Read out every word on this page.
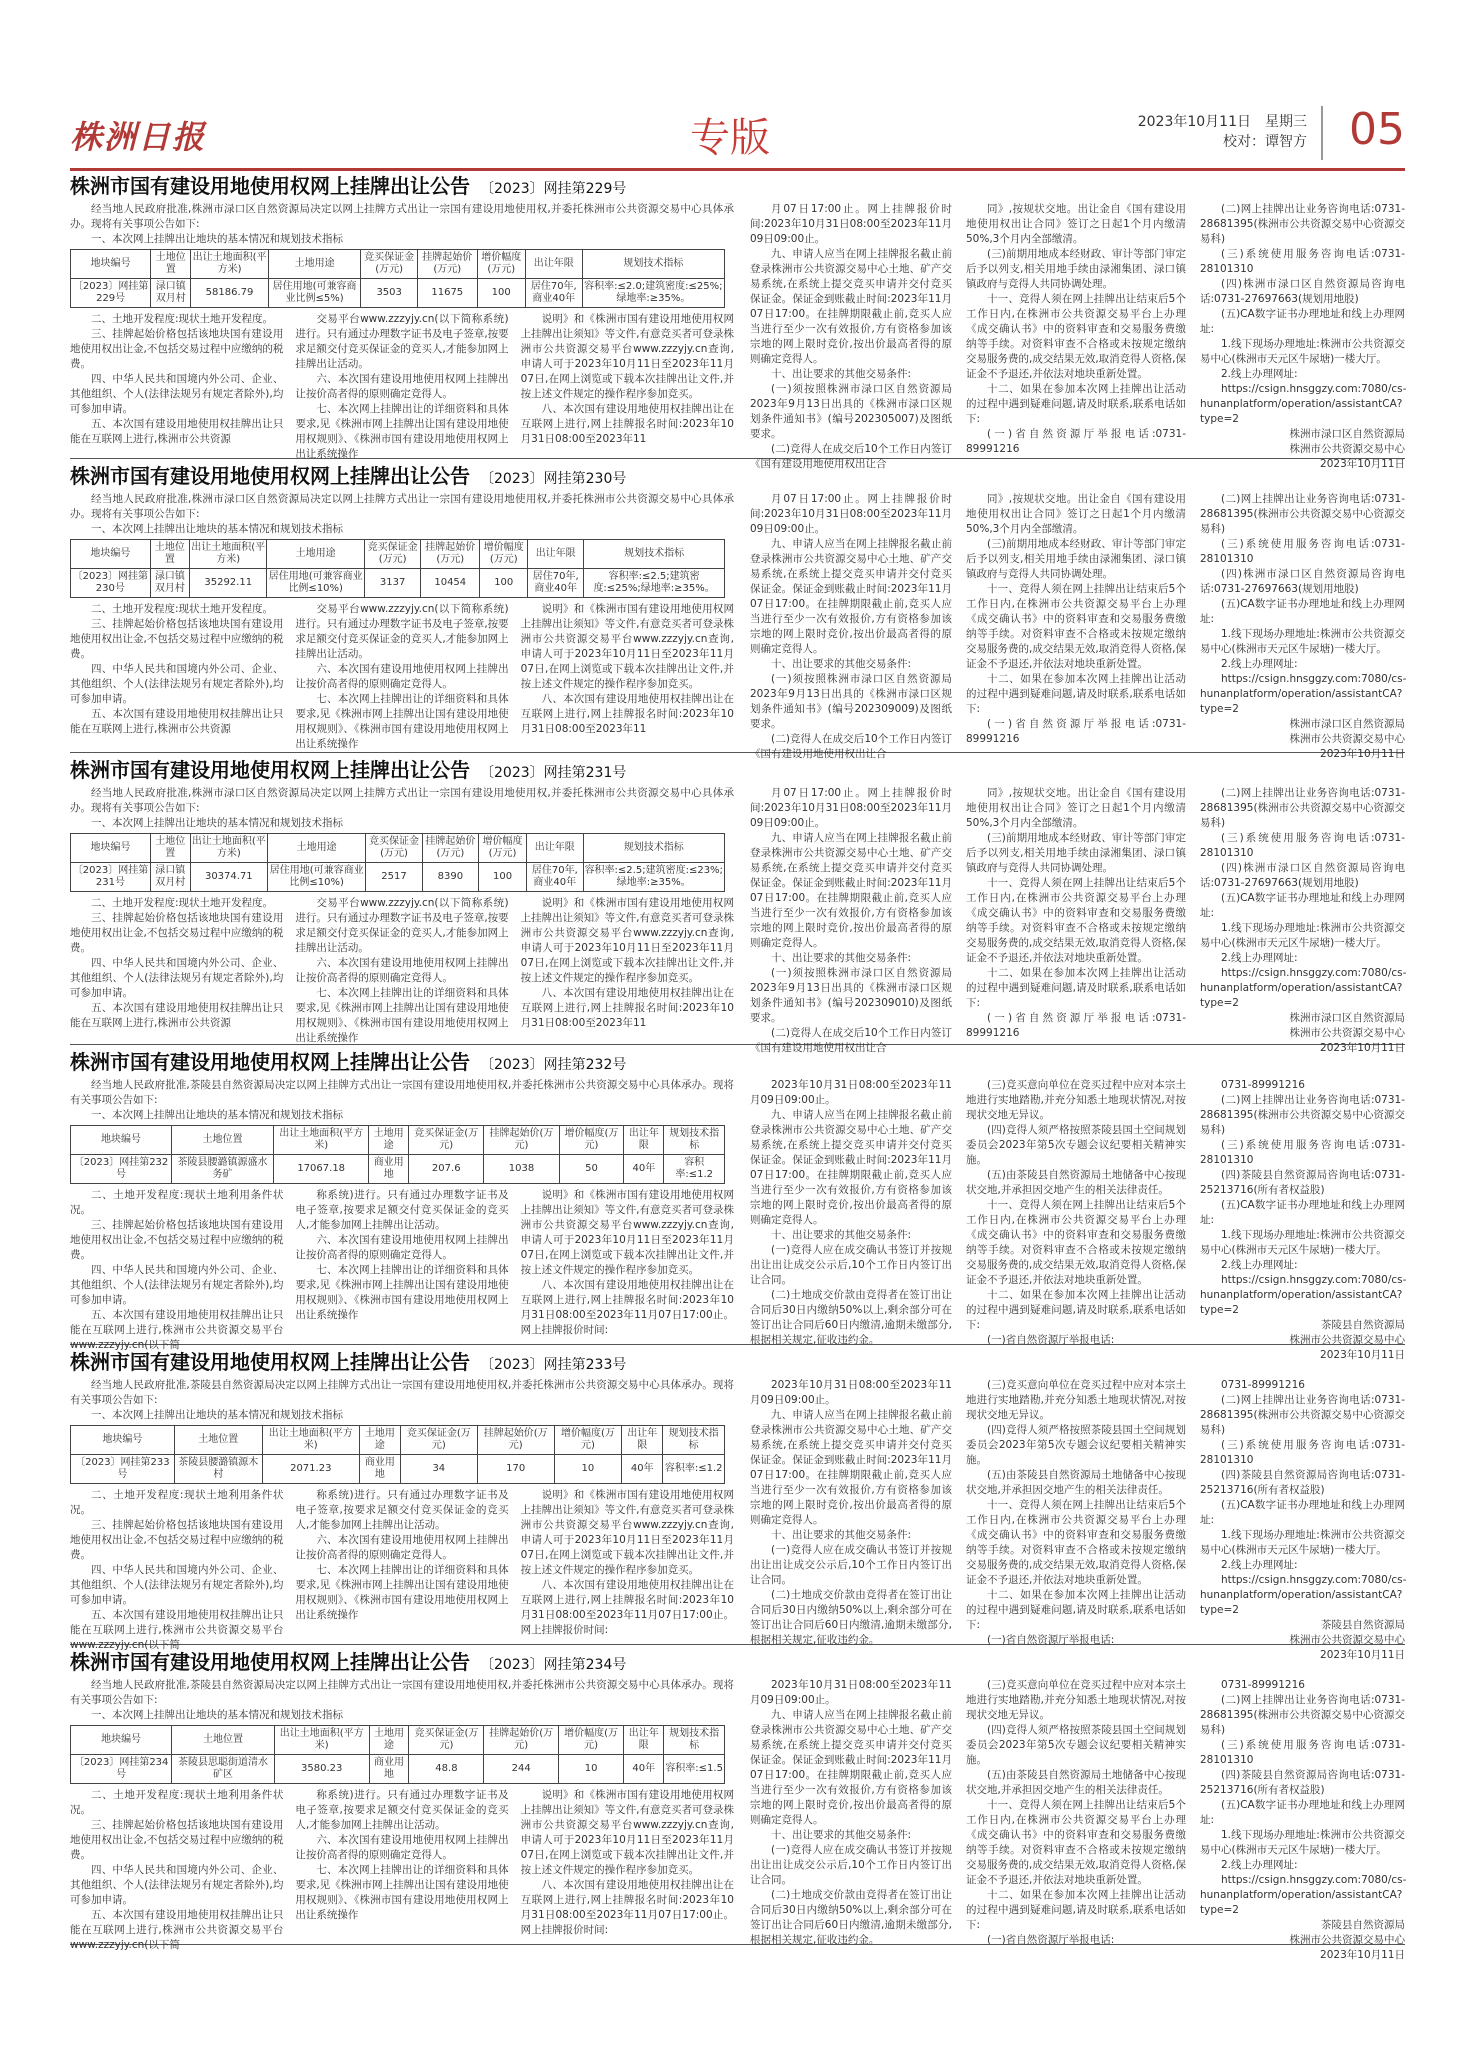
株洲日报	专版	2023年10月11日　星期三
校对：谭智方 05
株洲市国有建设用地使用权网上挂牌出让公告 〔2023〕网挂第229号

经当地人民政府批准,株洲市渌口区自然资源局决定以网上挂牌方式出让一宗国有建设用地使用权,并委托株洲市公共资源交易中心具体承办。现将有关事项公告如下:

一、本次网上挂牌出让地块的基本情况和规划技术指标

地块编号	土地位置	出让土地面积(平方米)	土地用途	竞买保证金(万元)	挂牌起始价(万元)	增价幅度(万元)	出让年限	规划技术指标
〔2023〕网挂第229号	渌口镇双月村	58186.79	居住用地(可兼容商业比例≤5%)	3503	11675	100	居住70年,商业40年	容积率:≤2.0;建筑密度:≤25%;绿地率:≥35%。

二、土地开发程度:现状土地开发程度。

三、挂牌起始价格包括该地块国有建设用地使用权出让金,不包括交易过程中应缴纳的税费。

四、中华人民共和国境内外公司、企业、其他组织、个人(法律法规另有规定者除外),均可参加申请。

五、本次国有建设用地使用权挂牌出让只能在互联网上进行,株洲市公共资源

交易平台www.zzzyjy.cn(以下简称系统)进行。只有通过办理数字证书及电子签章,按要求足额交付竞买保证金的竞买人,才能参加网上挂牌出让活动。

六、本次国有建设用地使用权网上挂牌出让按价高者得的原则确定竞得人。

七、本次网上挂牌出让的详细资料和具体要求,见《株洲市网上挂牌出让国有建设用地使用权规则》、《株洲市国有建设用地使用权网上出让系统操作

说明》和《株洲市国有建设用地使用权网上挂牌出让须知》等文件,有意竞买者可登录株洲市公共资源交易平台www.zzzyjy.cn查询,申请人可于2023年10月11日至2023年11月07日,在网上浏览或下载本次挂牌出让文件,并按上述文件规定的操作程序参加竞买。

八、本次国有建设用地使用权挂牌出让在互联网上进行,网上挂牌报名时间:2023年10月31日08:00至2023年11

月07日17:00止。网上挂牌报价时间:2023年10月31日08:00至2023年11月09日09:00止。

九、申请人应当在网上挂牌报名截止前登录株洲市公共资源交易中心土地、矿产交易系统,在系统上提交竞买申请并交付竞买保证金。保证金到账截止时间:2023年11月07日17:00。在挂牌期限截止前,竞买人应当进行至少一次有效报价,方有资格参加该宗地的网上限时竞价,按出价最高者得的原则确定竞得人。

十、出让要求的其他交易条件:

(一)须按照株洲市渌口区自然资源局2023年9月13日出具的《株洲市渌口区规划条件通知书》(编号202305007)及图纸要求。

(二)竞得人在成交后10个工作日内签订《国有建设用地使用权出让合

同》,按规状交地。出让金自《国有建设用地使用权出让合同》签订之日起1个月内缴清50%,3个月内全部缴清。

(三)前期用地成本经财政、审计等部门审定后予以列支,相关用地手续由渌湘集团、渌口镇镇政府与竞得人共同协调处理。

十一、竞得人须在网上挂牌出让结束后5个工作日内,在株洲市公共资源交易平台上办理《成交确认书》中的资料审查和交易服务费缴纳等手续。对资料审查不合格或未按规定缴纳交易服务费的,成交结果无效,取消竞得人资格,保证金不予退还,并依法对地块重新处置。

十二、如果在参加本次网上挂牌出让活动的过程中遇到疑难问题,请及时联系,联系电话如下:

(一)省自然资源厅举报电话:0731-89991216

(二)网上挂牌出让业务咨询电话:0731-28681395(株洲市公共资源交易中心资源交易科)

(三)系统使用服务咨询电话:0731-28101310

(四)株洲市渌口区自然资源局咨询电话:0731-27697663(规划用地股)

(五)CA数字证书办理地址和线上办理网址:

1.线下现场办理地址:株洲市公共资源交易中心(株洲市天元区牛尿塘)一楼大厅。

2.线上办理网址:

https://csign.hnsggzy.com:7080/cs-hunanplatform/operation/assistantCA?type=2

株洲市渌口区自然资源局

株洲市公共资源交易中心

2023年10月11日

株洲市国有建设用地使用权网上挂牌出让公告 〔2023〕网挂第230号

经当地人民政府批准,株洲市渌口区自然资源局决定以网上挂牌方式出让一宗国有建设用地使用权,并委托株洲市公共资源交易中心具体承办。现将有关事项公告如下:

一、本次网上挂牌出让地块的基本情况和规划技术指标

地块编号	土地位置	出让土地面积(平方米)	土地用途	竞买保证金(万元)	挂牌起始价(万元)	增价幅度(万元)	出让年限	规划技术指标
〔2023〕网挂第230号	渌口镇双月村	35292.11	居住用地(可兼容商业比例≤10%)	3137	10454	100	居住70年,商业40年	容积率:≤2.5;建筑密度:≤25%;绿地率:≥35%。

二、土地开发程度:现状土地开发程度。

三、挂牌起始价格包括该地块国有建设用地使用权出让金,不包括交易过程中应缴纳的税费。

四、中华人民共和国境内外公司、企业、其他组织、个人(法律法规另有规定者除外),均可参加申请。

五、本次国有建设用地使用权挂牌出让只能在互联网上进行,株洲市公共资源

交易平台www.zzzyjy.cn(以下简称系统)进行。只有通过办理数字证书及电子签章,按要求足额交付竞买保证金的竞买人,才能参加网上挂牌出让活动。

六、本次国有建设用地使用权网上挂牌出让按价高者得的原则确定竞得人。

七、本次网上挂牌出让的详细资料和具体要求,见《株洲市网上挂牌出让国有建设用地使用权规则》、《株洲市国有建设用地使用权网上出让系统操作

说明》和《株洲市国有建设用地使用权网上挂牌出让须知》等文件,有意竞买者可登录株洲市公共资源交易平台www.zzzyjy.cn查询,申请人可于2023年10月11日至2023年11月07日,在网上浏览或下载本次挂牌出让文件,并按上述文件规定的操作程序参加竞买。

八、本次国有建设用地使用权挂牌出让在互联网上进行,网上挂牌报名时间:2023年10月31日08:00至2023年11

月07日17:00止。网上挂牌报价时间:2023年10月31日08:00至2023年11月09日09:00止。

九、申请人应当在网上挂牌报名截止前登录株洲市公共资源交易中心土地、矿产交易系统,在系统上提交竞买申请并交付竞买保证金。保证金到账截止时间:2023年11月07日17:00。在挂牌期限截止前,竞买人应当进行至少一次有效报价,方有资格参加该宗地的网上限时竞价,按出价最高者得的原则确定竞得人。

十、出让要求的其他交易条件:

(一)须按照株洲市渌口区自然资源局2023年9月13日出具的《株洲市渌口区规划条件通知书》(编号202309009)及图纸要求。

(二)竞得人在成交后10个工作日内签订《国有建设用地使用权出让合

同》,按规状交地。出让金自《国有建设用地使用权出让合同》签订之日起1个月内缴清50%,3个月内全部缴清。

(三)前期用地成本经财政、审计等部门审定后予以列支,相关用地手续由渌湘集团、渌口镇镇政府与竞得人共同协调处理。

十一、竞得人须在网上挂牌出让结束后5个工作日内,在株洲市公共资源交易平台上办理《成交确认书》中的资料审查和交易服务费缴纳等手续。对资料审查不合格或未按规定缴纳交易服务费的,成交结果无效,取消竞得人资格,保证金不予退还,并依法对地块重新处置。

十二、如果在参加本次网上挂牌出让活动的过程中遇到疑难问题,请及时联系,联系电话如下:

(一)省自然资源厅举报电话:0731-89991216

(二)网上挂牌出让业务咨询电话:0731-28681395(株洲市公共资源交易中心资源交易科)

(三)系统使用服务咨询电话:0731-28101310

(四)株洲市渌口区自然资源局咨询电话:0731-27697663(规划用地股)

(五)CA数字证书办理地址和线上办理网址:

1.线下现场办理地址:株洲市公共资源交易中心(株洲市天元区牛尿塘)一楼大厅。

2.线上办理网址:

https://csign.hnsggzy.com:7080/cs-hunanplatform/operation/assistantCA?type=2

株洲市渌口区自然资源局

株洲市公共资源交易中心

2023年10月11日

株洲市国有建设用地使用权网上挂牌出让公告 〔2023〕网挂第231号

经当地人民政府批准,株洲市渌口区自然资源局决定以网上挂牌方式出让一宗国有建设用地使用权,并委托株洲市公共资源交易中心具体承办。现将有关事项公告如下:

一、本次网上挂牌出让地块的基本情况和规划技术指标

地块编号	土地位置	出让土地面积(平方米)	土地用途	竞买保证金(万元)	挂牌起始价(万元)	增价幅度(万元)	出让年限	规划技术指标
〔2023〕网挂第231号	渌口镇双月村	30374.71	居住用地(可兼容商业比例≤10%)	2517	8390	100	居住70年,商业40年	容积率:≤2.5;建筑密度:≤23%;绿地率:≥35%。

二、土地开发程度:现状土地开发程度。

三、挂牌起始价格包括该地块国有建设用地使用权出让金,不包括交易过程中应缴纳的税费。

四、中华人民共和国境内外公司、企业、其他组织、个人(法律法规另有规定者除外),均可参加申请。

五、本次国有建设用地使用权挂牌出让只能在互联网上进行,株洲市公共资源

交易平台www.zzzyjy.cn(以下简称系统)进行。只有通过办理数字证书及电子签章,按要求足额交付竞买保证金的竞买人,才能参加网上挂牌出让活动。

六、本次国有建设用地使用权网上挂牌出让按价高者得的原则确定竞得人。

七、本次网上挂牌出让的详细资料和具体要求,见《株洲市网上挂牌出让国有建设用地使用权规则》、《株洲市国有建设用地使用权网上出让系统操作

说明》和《株洲市国有建设用地使用权网上挂牌出让须知》等文件,有意竞买者可登录株洲市公共资源交易平台www.zzzyjy.cn查询,申请人可于2023年10月11日至2023年11月07日,在网上浏览或下载本次挂牌出让文件,并按上述文件规定的操作程序参加竞买。

八、本次国有建设用地使用权挂牌出让在互联网上进行,网上挂牌报名时间:2023年10月31日08:00至2023年11

月07日17:00止。网上挂牌报价时间:2023年10月31日08:00至2023年11月09日09:00止。

九、申请人应当在网上挂牌报名截止前登录株洲市公共资源交易中心土地、矿产交易系统,在系统上提交竞买申请并交付竞买保证金。保证金到账截止时间:2023年11月07日17:00。在挂牌期限截止前,竞买人应当进行至少一次有效报价,方有资格参加该宗地的网上限时竞价,按出价最高者得的原则确定竞得人。

十、出让要求的其他交易条件:

(一)须按照株洲市渌口区自然资源局2023年9月13日出具的《株洲市渌口区规划条件通知书》(编号202309010)及图纸要求。

(二)竞得人在成交后10个工作日内签订《国有建设用地使用权出让合

同》,按规状交地。出让金自《国有建设用地使用权出让合同》签订之日起1个月内缴清50%,3个月内全部缴清。

(三)前期用地成本经财政、审计等部门审定后予以列支,相关用地手续由渌湘集团、渌口镇镇政府与竞得人共同协调处理。

十一、竞得人须在网上挂牌出让结束后5个工作日内,在株洲市公共资源交易平台上办理《成交确认书》中的资料审查和交易服务费缴纳等手续。对资料审查不合格或未按规定缴纳交易服务费的,成交结果无效,取消竞得人资格,保证金不予退还,并依法对地块重新处置。

十二、如果在参加本次网上挂牌出让活动的过程中遇到疑难问题,请及时联系,联系电话如下:

(一)省自然资源厅举报电话:0731-89991216

(二)网上挂牌出让业务咨询电话:0731-28681395(株洲市公共资源交易中心资源交易科)

(三)系统使用服务咨询电话:0731-28101310

(四)株洲市渌口区自然资源局咨询电话:0731-27697663(规划用地股)

(五)CA数字证书办理地址和线上办理网址:

1.线下现场办理地址:株洲市公共资源交易中心(株洲市天元区牛尿塘)一楼大厅。

2.线上办理网址:

https://csign.hnsggzy.com:7080/cs-hunanplatform/operation/assistantCA?type=2

株洲市渌口区自然资源局

株洲市公共资源交易中心

2023年10月11日

株洲市国有建设用地使用权网上挂牌出让公告 〔2023〕网挂第232号

经当地人民政府批准,茶陵县自然资源局决定以网上挂牌方式出让一宗国有建设用地使用权,并委托株洲市公共资源交易中心具体承办。现将有关事项公告如下:

一、本次网上挂牌出让地块的基本情况和规划技术指标

地块编号	土地位置	出让土地面积(平方米)	土地用途	竞买保证金(万元)	挂牌起始价(万元)	增价幅度(万元)	出让年限	规划技术指标
〔2023〕网挂第232号	茶陵县腰潞镇源盛水务矿	17067.18	商业用地	207.6	1038	50	40年	容积率:≤1.2

二、土地开发程度:现状土地利用条件状况。

三、挂牌起始价格包括该地块国有建设用地使用权出让金,不包括交易过程中应缴纳的税费。

四、中华人民共和国境内外公司、企业、其他组织、个人(法律法规另有规定者除外),均可参加申请。

五、本次国有建设用地使用权挂牌出让只能在互联网上进行,株洲市公共资源交易平台www.zzzyjy.cn(以下简

称系统)进行。只有通过办理数字证书及电子签章,按要求足额交付竞买保证金的竞买人,才能参加网上挂牌出让活动。

六、本次国有建设用地使用权网上挂牌出让按价高者得的原则确定竞得人。

七、本次网上挂牌出让的详细资料和具体要求,见《株洲市网上挂牌出让国有建设用地使用权规则》、《株洲市国有建设用地使用权网上出让系统操作

说明》和《株洲市国有建设用地使用权网上挂牌出让须知》等文件,有意竞买者可登录株洲市公共资源交易平台www.zzzyjy.cn查询,申请人可于2023年10月11日至2023年11月07日,在网上浏览或下载本次挂牌出让文件,并按上述文件规定的操作程序参加竞买。

八、本次国有建设用地使用权挂牌出让在互联网上进行,网上挂牌报名时间:2023年10月31日08:00至2023年11月07日17:00止。网上挂牌报价时间:

2023年10月31日08:00至2023年11月09日09:00止。

九、申请人应当在网上挂牌报名截止前登录株洲市公共资源交易中心土地、矿产交易系统,在系统上提交竞买申请并交付竞买保证金。保证金到账截止时间:2023年11月07日17:00。在挂牌期限截止前,竞买人应当进行至少一次有效报价,方有资格参加该宗地的网上限时竞价,按出价最高者得的原则确定竞得人。

十、出让要求的其他交易条件:

(一)竞得人应在成交确认书签订并按规出让出让成交公示后,10个工作日内签订出让合同。

(二)土地成交价款由竞得者在签订出让合同后30日内缴纳50%以上,剩余部分可在签订出让合同后60日内缴清,逾期未缴部分,根据相关规定,征收违约金。

(三)竞买意向单位在竞买过程中应对本宗土地进行实地踏勘,并充分知悉土地现状情况,对按现状交地无异议。

(四)竞得人须严格按照茶陵县国土空间规划委员会2023年第5次专题会议纪要相关精神实施。

(五)由茶陵县自然资源局土地储备中心按现状交地,并承担因交地产生的相关法律责任。

十一、竞得人须在网上挂牌出让结束后5个工作日内,在株洲市公共资源交易平台上办理《成交确认书》中的资料审查和交易服务费缴纳等手续。对资料审查不合格或未按规定缴纳交易服务费的,成交结果无效,取消竞得人资格,保证金不予退还,并依法对地块重新处置。

十二、如果在参加本次网上挂牌出让活动的过程中遇到疑难问题,请及时联系,联系电话如下:

(一)省自然资源厅举报电话:

0731-89991216

(二)网上挂牌出让业务咨询电话:0731-28681395(株洲市公共资源交易中心资源交易科)

(三)系统使用服务咨询电话:0731-28101310

(四)茶陵县自然资源局咨询电话:0731-25213716(所有者权益股)

(五)CA数字证书办理地址和线上办理网址:

1.线下现场办理地址:株洲市公共资源交易中心(株洲市天元区牛尿塘)一楼大厅。

2.线上办理网址:

https://csign.hnsggzy.com:7080/cs-hunanplatform/operation/assistantCA?type=2

茶陵县自然资源局

株洲市公共资源交易中心

2023年10月11日

株洲市国有建设用地使用权网上挂牌出让公告 〔2023〕网挂第233号

经当地人民政府批准,茶陵县自然资源局决定以网上挂牌方式出让一宗国有建设用地使用权,并委托株洲市公共资源交易中心具体承办。现将有关事项公告如下:

一、本次网上挂牌出让地块的基本情况和规划技术指标

地块编号	土地位置	出让土地面积(平方米)	土地用途	竞买保证金(万元)	挂牌起始价(万元)	增价幅度(万元)	出让年限	规划技术指标
〔2023〕网挂第233号	茶陵县腰潞镇源木村	2071.23	商业用地	34	170	10	40年	容积率:≤1.2

二、土地开发程度:现状土地利用条件状况。

三、挂牌起始价格包括该地块国有建设用地使用权出让金,不包括交易过程中应缴纳的税费。

四、中华人民共和国境内外公司、企业、其他组织、个人(法律法规另有规定者除外),均可参加申请。

五、本次国有建设用地使用权挂牌出让只能在互联网上进行,株洲市公共资源交易平台www.zzzyjy.cn(以下简

称系统)进行。只有通过办理数字证书及电子签章,按要求足额交付竞买保证金的竞买人,才能参加网上挂牌出让活动。

六、本次国有建设用地使用权网上挂牌出让按价高者得的原则确定竞得人。

七、本次网上挂牌出让的详细资料和具体要求,见《株洲市网上挂牌出让国有建设用地使用权规则》、《株洲市国有建设用地使用权网上出让系统操作

说明》和《株洲市国有建设用地使用权网上挂牌出让须知》等文件,有意竞买者可登录株洲市公共资源交易平台www.zzzyjy.cn查询,申请人可于2023年10月11日至2023年11月07日,在网上浏览或下载本次挂牌出让文件,并按上述文件规定的操作程序参加竞买。

八、本次国有建设用地使用权挂牌出让在互联网上进行,网上挂牌报名时间:2023年10月31日08:00至2023年11月07日17:00止。网上挂牌报价时间:

2023年10月31日08:00至2023年11月09日09:00止。

九、申请人应当在网上挂牌报名截止前登录株洲市公共资源交易中心土地、矿产交易系统,在系统上提交竞买申请并交付竞买保证金。保证金到账截止时间:2023年11月07日17:00。在挂牌期限截止前,竞买人应当进行至少一次有效报价,方有资格参加该宗地的网上限时竞价,按出价最高者得的原则确定竞得人。

十、出让要求的其他交易条件:

(一)竞得人应在成交确认书签订并按规出让出让成交公示后,10个工作日内签订出让合同。

(二)土地成交价款由竞得者在签订出让合同后30日内缴纳50%以上,剩余部分可在签订出让合同后60日内缴清,逾期未缴部分,根据相关规定,征收违约金。

(三)竞买意向单位在竞买过程中应对本宗土地进行实地踏勘,并充分知悉土地现状情况,对按现状交地无异议。

(四)竞得人须严格按照茶陵县国土空间规划委员会2023年第5次专题会议纪要相关精神实施。

(五)由茶陵县自然资源局土地储备中心按现状交地,并承担因交地产生的相关法律责任。

十一、竞得人须在网上挂牌出让结束后5个工作日内,在株洲市公共资源交易平台上办理《成交确认书》中的资料审查和交易服务费缴纳等手续。对资料审查不合格或未按规定缴纳交易服务费的,成交结果无效,取消竞得人资格,保证金不予退还,并依法对地块重新处置。

十二、如果在参加本次网上挂牌出让活动的过程中遇到疑难问题,请及时联系,联系电话如下:

(一)省自然资源厅举报电话:

0731-89991216

(二)网上挂牌出让业务咨询电话:0731-28681395(株洲市公共资源交易中心资源交易科)

(三)系统使用服务咨询电话:0731-28101310

(四)茶陵县自然资源局咨询电话:0731-25213716(所有者权益股)

(五)CA数字证书办理地址和线上办理网址:

1.线下现场办理地址:株洲市公共资源交易中心(株洲市天元区牛尿塘)一楼大厅。

2.线上办理网址:

https://csign.hnsggzy.com:7080/cs-hunanplatform/operation/assistantCA?type=2

茶陵县自然资源局

株洲市公共资源交易中心

2023年10月11日

株洲市国有建设用地使用权网上挂牌出让公告 〔2023〕网挂第234号

经当地人民政府批准,茶陵县自然资源局决定以网上挂牌方式出让一宗国有建设用地使用权,并委托株洲市公共资源交易中心具体承办。现将有关事项公告如下:

一、本次网上挂牌出让地块的基本情况和规划技术指标

地块编号	土地位置	出让土地面积(平方米)	土地用途	竞买保证金(万元)	挂牌起始价(万元)	增价幅度(万元)	出让年限	规划技术指标
〔2023〕网挂第234号	茶陵县思聪街道清水矿区	3580.23	商业用地	48.8	244	10	40年	容积率:≤1.5

二、土地开发程度:现状土地利用条件状况。

三、挂牌起始价格包括该地块国有建设用地使用权出让金,不包括交易过程中应缴纳的税费。

四、中华人民共和国境内外公司、企业、其他组织、个人(法律法规另有规定者除外),均可参加申请。

五、本次国有建设用地使用权挂牌出让只能在互联网上进行,株洲市公共资源交易平台www.zzzyjy.cn(以下简

称系统)进行。只有通过办理数字证书及电子签章,按要求足额交付竞买保证金的竞买人,才能参加网上挂牌出让活动。

六、本次国有建设用地使用权网上挂牌出让按价高者得的原则确定竞得人。

七、本次网上挂牌出让的详细资料和具体要求,见《株洲市网上挂牌出让国有建设用地使用权规则》、《株洲市国有建设用地使用权网上出让系统操作

说明》和《株洲市国有建设用地使用权网上挂牌出让须知》等文件,有意竞买者可登录株洲市公共资源交易平台www.zzzyjy.cn查询,申请人可于2023年10月11日至2023年11月07日,在网上浏览或下载本次挂牌出让文件,并按上述文件规定的操作程序参加竞买。

八、本次国有建设用地使用权挂牌出让在互联网上进行,网上挂牌报名时间:2023年10月31日08:00至2023年11月07日17:00止。网上挂牌报价时间:

2023年10月31日08:00至2023年11月09日09:00止。

九、申请人应当在网上挂牌报名截止前登录株洲市公共资源交易中心土地、矿产交易系统,在系统上提交竞买申请并交付竞买保证金。保证金到账截止时间:2023年11月07日17:00。在挂牌期限截止前,竞买人应当进行至少一次有效报价,方有资格参加该宗地的网上限时竞价,按出价最高者得的原则确定竞得人。

十、出让要求的其他交易条件:

(一)竞得人应在成交确认书签订并按规出让出让成交公示后,10个工作日内签订出让合同。

(二)土地成交价款由竞得者在签订出让合同后30日内缴纳50%以上,剩余部分可在签订出让合同后60日内缴清,逾期未缴部分,根据相关规定,征收违约金。

(三)竞买意向单位在竞买过程中应对本宗土地进行实地踏勘,并充分知悉土地现状情况,对按现状交地无异议。

(四)竞得人须严格按照茶陵县国土空间规划委员会2023年第5次专题会议纪要相关精神实施。

(五)由茶陵县自然资源局土地储备中心按现状交地,并承担因交地产生的相关法律责任。

十一、竞得人须在网上挂牌出让结束后5个工作日内,在株洲市公共资源交易平台上办理《成交确认书》中的资料审查和交易服务费缴纳等手续。对资料审查不合格或未按规定缴纳交易服务费的,成交结果无效,取消竞得人资格,保证金不予退还,并依法对地块重新处置。

十二、如果在参加本次网上挂牌出让活动的过程中遇到疑难问题,请及时联系,联系电话如下:

(一)省自然资源厅举报电话:

0731-89991216

(二)网上挂牌出让业务咨询电话:0731-28681395(株洲市公共资源交易中心资源交易科)

(三)系统使用服务咨询电话:0731-28101310

(四)茶陵县自然资源局咨询电话:0731-25213716(所有者权益股)

(五)CA数字证书办理地址和线上办理网址:

1.线下现场办理地址:株洲市公共资源交易中心(株洲市天元区牛尿塘)一楼大厅。

2.线上办理网址:

https://csign.hnsggzy.com:7080/cs-hunanplatform/operation/assistantCA?type=2

茶陵县自然资源局

株洲市公共资源交易中心

2023年10月11日
